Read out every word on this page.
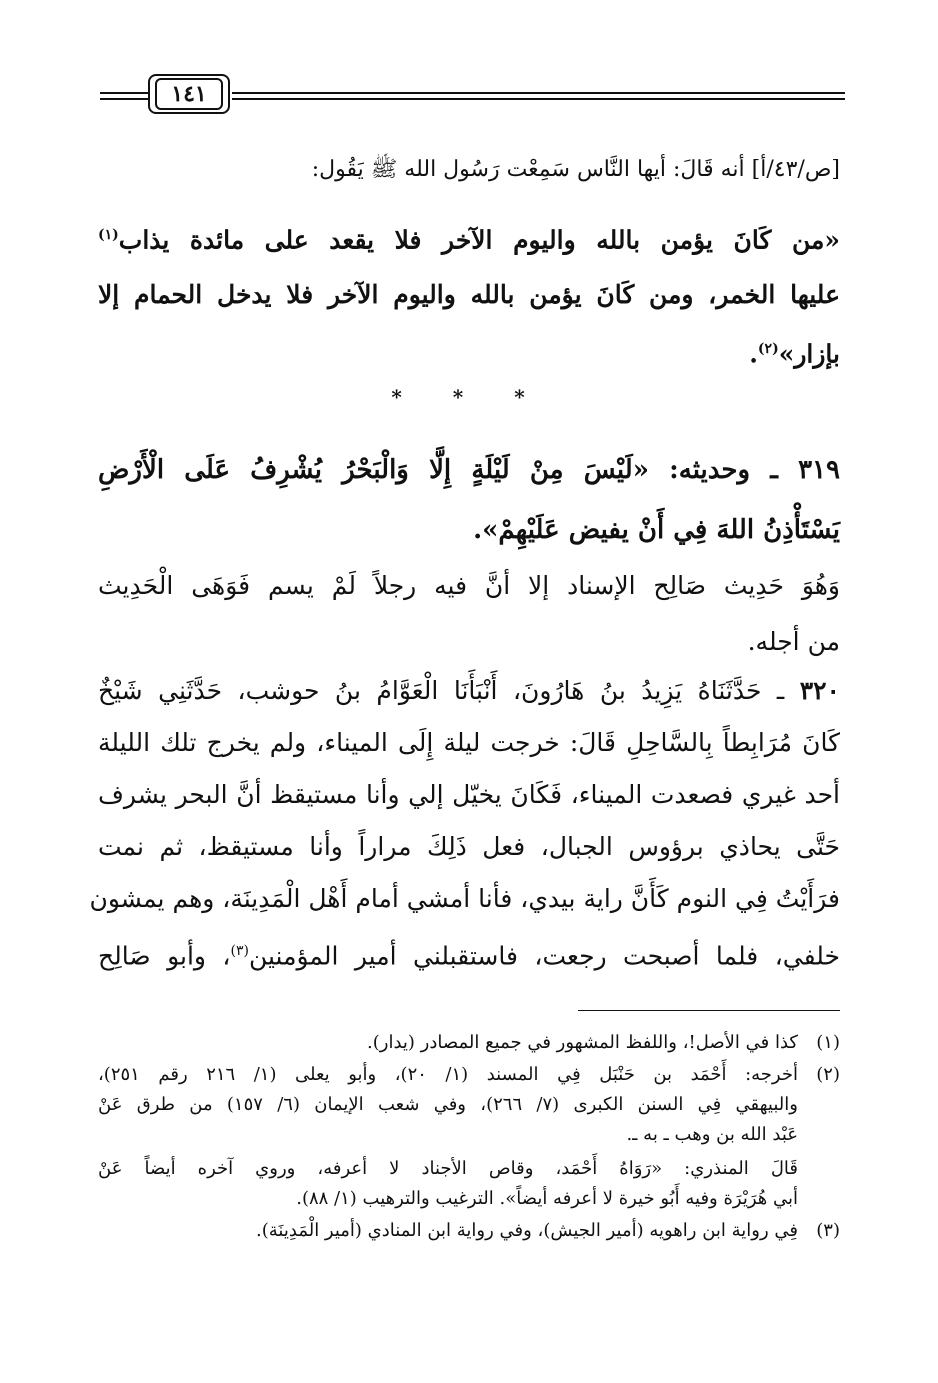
١٤١
[ص/٤٣/أ] أنه قَالَ: أيها النَّاس سَمِعْت رَسُول الله ﷺ يَقُول:
«من كَانَ يؤمن بالله واليوم الآخر فلا يقعد على مائدة يذاب$^{(١)}$
عليها الخمر، ومن كَانَ يؤمن بالله واليوم الآخر فلا يدخل الحمام إلا
بإزار»$^{(٢)}$.
* * *
٣١٩ ـ وحديثه: «لَيْسَ مِنْ لَيْلَةٍ إِلَّا وَالْبَحْرُ يُشْرِفُ عَلَى الْأَرْضِ
يَسْتَأْذِنُ اللهَ فِي أَنْ يفيض عَلَيْهِمْ».
وَهُوَ حَدِيث صَالِح الإسناد إلا أنَّ فيه رجلاً لَمْ يسم فَوَهَى الْحَدِيث
من أجله.
٣٢٠ ـ حَدَّثَنَاهُ يَزِيدُ بنُ هَارُونَ، أَنْبَأَنَا الْعَوَّامُ بنُ حوشب، حَدَّثَنِي شَيْخٌ
كَانَ مُرَابِطاً بِالسَّاحِلِ قَالَ: خرجت ليلة إِلَى الميناء، ولم يخرج تلك الليلة
أحد غيري فصعدت الميناء، فَكَانَ يخيّل إلي وأنا مستيقظ أنَّ البحر يشرف
حَتَّى يحاذي برؤوس الجبال، فعل ذَلِكَ مراراً وأنا مستيقظ، ثم نمت
فرَأَيْتُ فِي النوم كَأَنَّ راية بيدي، فأنا أمشي أمام أَهْل الْمَدِينَة، وهم يمشون
خلفي، فلما أصبحت رجعت، فاستقبلني أمير المؤمنين$^{(٣)}$، وأبو صَالِح
(١)
كذا في الأصل!، واللفظ المشهور في جميع المصادر (يدار).
(٢)
أخرجه: أَحْمَد بن حَنْبَل فِي المسند (١/ ٢٠)، وأبو يعلى (١/ ٢١٦ رقم ٢٥١)،
والبيهقي فِي السنن الكبرى (٧/ ٢٦٦)، وفي شعب الإيمان (٦/ ١٥٧) من طرق عَنْ
عَبْد الله بن وهب ـ به ـ.
قَالَ المنذري: «رَوَاهُ أَحْمَد، وقاص الأجناد لا أعرفه، وروي آخره أيضاً عَنْ
أبي هُرَيْرَة وفيه أَبُو خيرة لا أعرفه أيضاً». الترغيب والترهيب (١/ ٨٨).
(٣)
فِي رواية ابن راهويه (أمير الجيش)، وفي رواية ابن المنادي (أمير الْمَدِينَة).
